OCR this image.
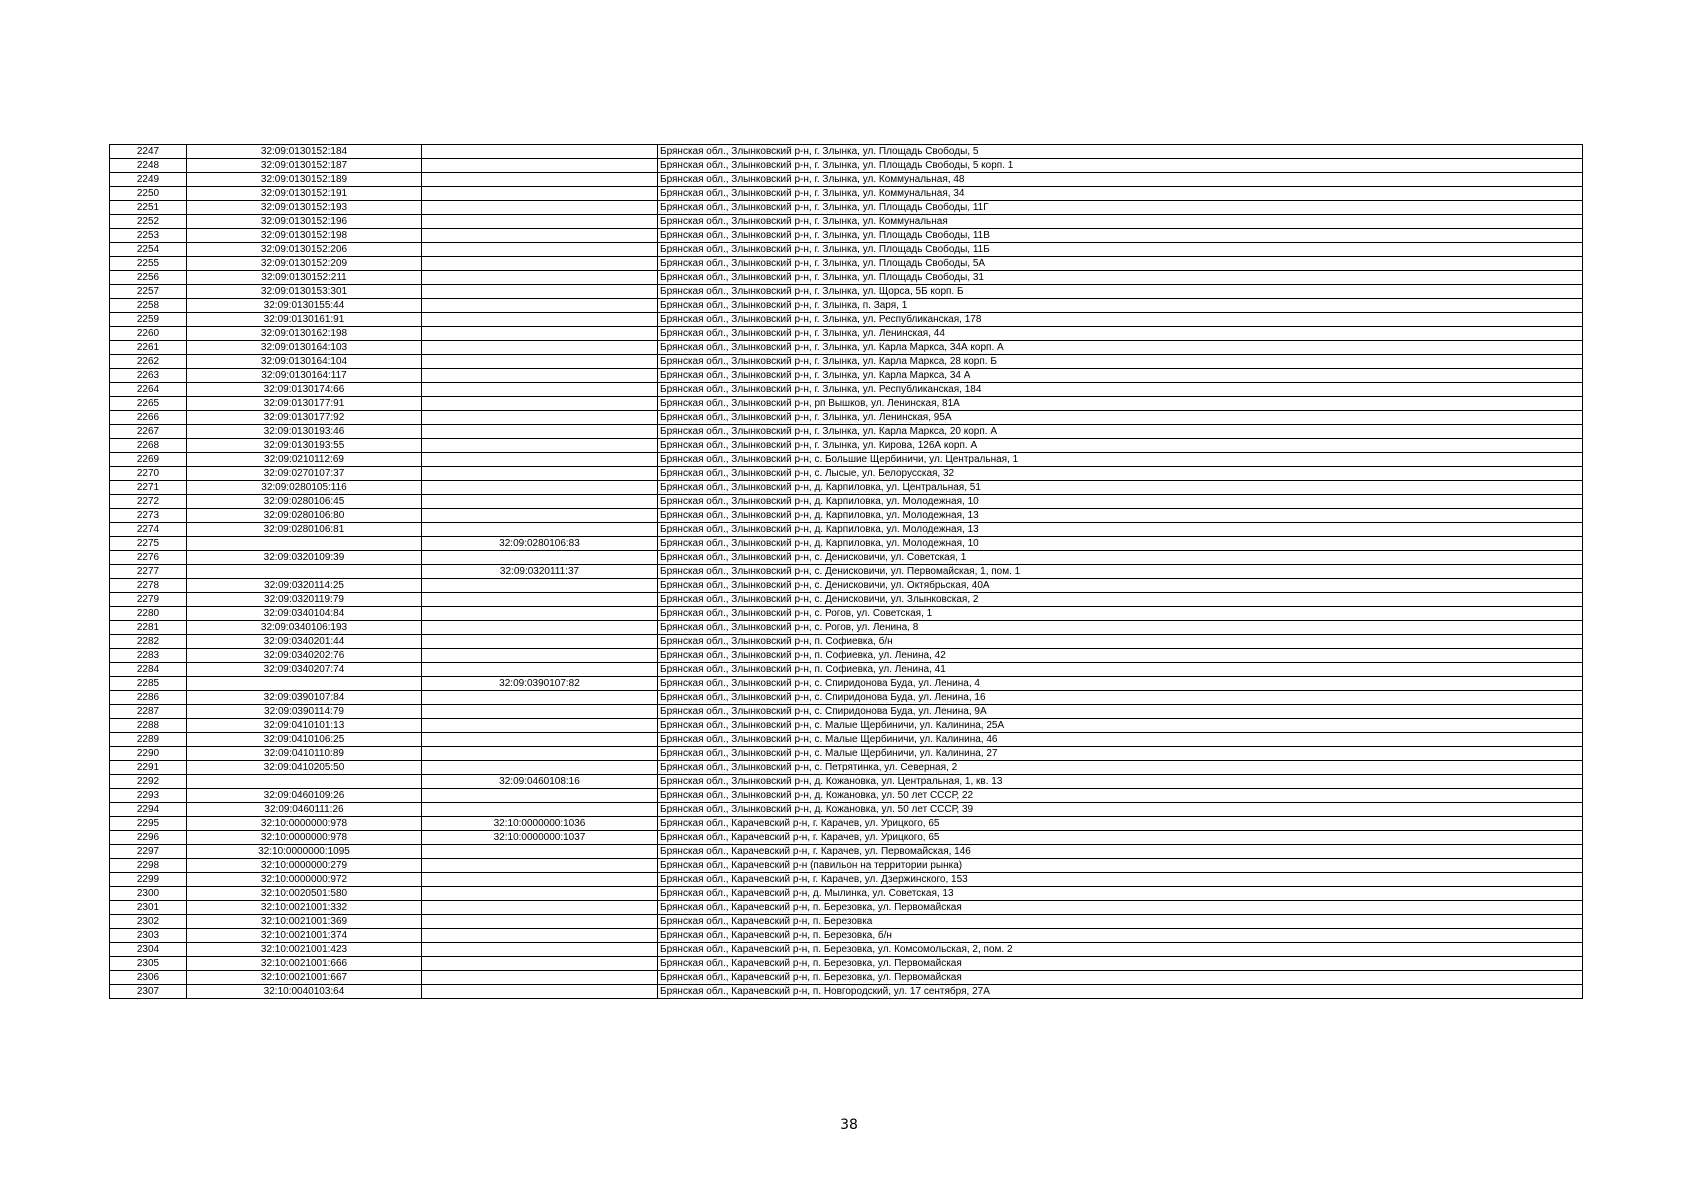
2247	32:09:0130152:184		Брянская обл., Злынковский р-н, г. Злынка, ул. Площадь Свободы, 5
2248	32:09:0130152:187		Брянская обл., Злынковский р-н, г. Злынка, ул. Площадь Свободы, 5 корп. 1
2249	32:09:0130152:189		Брянская обл., Злынковский р-н, г. Злынка, ул. Коммунальная, 48
2250	32:09:0130152:191		Брянская обл., Злынковский р-н, г. Злынка, ул. Коммунальная, 34
2251	32:09:0130152:193		Брянская обл., Злынковский р-н, г. Злынка, ул. Площадь Свободы, 11Г
2252	32:09:0130152:196		Брянская обл., Злынковский р-н, г. Злынка, ул. Коммунальная
2253	32:09:0130152:198		Брянская обл., Злынковский р-н, г. Злынка, ул. Площадь Свободы, 11В
2254	32:09:0130152:206		Брянская обл., Злынковский р-н, г. Злынка, ул. Площадь Свободы, 11Б
2255	32:09:0130152:209		Брянская обл., Злынковский р-н, г. Злынка, ул. Площадь Свободы, 5А
2256	32:09:0130152:211		Брянская обл., Злынковский р-н, г. Злынка, ул. Площадь Свободы, 31
2257	32:09:0130153:301		Брянская обл., Злынковский р-н, г. Злынка, ул. Щорса, 5Б корп. Б
2258	32:09:0130155:44		Брянская обл., Злынковский р-н, г. Злынка, п. Заря, 1
2259	32:09:0130161:91		Брянская обл., Злынковский р-н, г. Злынка, ул. Республиканская, 178
2260	32:09:0130162:198		Брянская обл., Злынковский р-н, г. Злынка, ул. Ленинская, 44
2261	32:09:0130164:103		Брянская обл., Злынковский р-н, г. Злынка, ул. Карла Маркса, 34А корп. А
2262	32:09:0130164:104		Брянская обл., Злынковский р-н, г. Злынка, ул. Карла Маркса, 28 корп. Б
2263	32:09:0130164:117		Брянская обл., Злынковский р-н, г. Злынка, ул. Карла Маркса, 34 А
2264	32:09:0130174:66		Брянская обл., Злынковский р-н, г. Злынка, ул. Республиканская, 184
2265	32:09:0130177:91		Брянская обл., Злынковский р-н, рп Вышков, ул. Ленинская, 81А
2266	32:09:0130177:92		Брянская обл., Злынковский р-н, г. Злынка, ул. Ленинская, 95А
2267	32:09:0130193:46		Брянская обл., Злынковский р-н, г. Злынка, ул. Карла Маркса, 20 корп. А
2268	32:09:0130193:55		Брянская обл., Злынковский р-н, г. Злынка, ул. Кирова, 126А корп. А
2269	32:09:0210112:69		Брянская обл., Злынковский р-н, с. Большие Щербиничи, ул. Центральная, 1
2270	32:09:0270107:37		Брянская обл., Злынковский р-н, с. Лысые, ул. Белорусская, 32
2271	32:09:0280105:116		Брянская обл., Злынковский р-н, д. Карпиловка, ул. Центральная, 51
2272	32:09:0280106:45		Брянская обл., Злынковский р-н, д. Карпиловка, ул. Молодежная, 10
2273	32:09:0280106:80		Брянская обл., Злынковский р-н, д. Карпиловка, ул. Молодежная, 13
2274	32:09:0280106:81		Брянская обл., Злынковский р-н, д. Карпиловка, ул. Молодежная, 13
2275		32:09:0280106:83	Брянская обл., Злынковский р-н, д. Карпиловка, ул. Молодежная, 10
2276	32:09:0320109:39		Брянская обл., Злынковский р-н, с. Денисковичи, ул. Советская, 1
2277		32:09:0320111:37	Брянская обл., Злынковский р-н, с. Денисковичи, ул. Первомайская, 1, пом. 1
2278	32:09:0320114:25		Брянская обл., Злынковский р-н, с. Денисковичи, ул. Октябрьская, 40А
2279	32:09:0320119:79		Брянская обл., Злынковский р-н, с. Денисковичи, ул. Злынковская, 2
2280	32:09:0340104:84		Брянская обл., Злынковский р-н, с. Рогов, ул. Советская, 1
2281	32:09:0340106:193		Брянская обл., Злынковский р-н, с. Рогов, ул. Ленина, 8
2282	32:09:0340201:44		Брянская обл., Злынковский р-н, п. Софиевка, б/н
2283	32:09:0340202:76		Брянская обл., Злынковский р-н, п. Софиевка, ул. Ленина, 42
2284	32:09:0340207:74		Брянская обл., Злынковский р-н, п. Софиевка, ул. Ленина, 41
2285		32:09:0390107:82	Брянская обл., Злынковский р-н, с. Спиридонова Буда, ул. Ленина, 4
2286	32:09:0390107:84		Брянская обл., Злынковский р-н, с. Спиридонова Буда, ул. Ленина, 16
2287	32:09:0390114:79		Брянская обл., Злынковский р-н, с. Спиридонова Буда, ул. Ленина, 9А
2288	32:09:0410101:13		Брянская обл., Злынковский р-н, с. Малые Щербиничи, ул. Калинина, 25А
2289	32:09:0410106:25		Брянская обл., Злынковский р-н, с. Малые Щербиничи, ул. Калинина, 46
2290	32:09:0410110:89		Брянская обл., Злынковский р-н, с. Малые Щербиничи, ул. Калинина, 27
2291	32:09:0410205:50		Брянская обл., Злынковский р-н, с. Петрятинка, ул. Северная, 2
2292		32:09:0460108:16	Брянская обл., Злынковский р-н, д. Кожановка, ул. Центральная, 1, кв. 13
2293	32:09:0460109:26		Брянская обл., Злынковский р-н, д. Кожановка, ул. 50 лет СССР, 22
2294	32:09:0460111:26		Брянская обл., Злынковский р-н, д. Кожановка, ул. 50 лет СССР, 39
2295	32:10:0000000:978	32:10:0000000:1036	Брянская обл., Карачевский р-н, г. Карачев, ул. Урицкого, 65
2296	32:10:0000000:978	32:10:0000000:1037	Брянская обл., Карачевский р-н, г. Карачев, ул. Урицкого, 65
2297	32:10:0000000:1095		Брянская обл., Карачевский р-н, г. Карачев, ул. Первомайская, 146
2298	32:10:0000000:279		Брянская обл., Карачевский р-н (павильон на территории рынка)
2299	32:10:0000000:972		Брянская обл., Карачевский р-н, г. Карачев, ул. Дзержинского, 153
2300	32:10:0020501:580		Брянская обл., Карачевский р-н, д. Мылинка, ул. Советская, 13
2301	32:10:0021001:332		Брянская обл., Карачевский р-н, п. Березовка, ул. Первомайская
2302	32:10:0021001:369		Брянская обл., Карачевский р-н, п. Березовка
2303	32:10:0021001:374		Брянская обл., Карачевский р-н, п. Березовка, б/н
2304	32:10:0021001:423		Брянская обл., Карачевский р-н, п. Березовка, ул. Комсомольская, 2, пом. 2
2305	32:10:0021001:666		Брянская обл., Карачевский р-н, п. Березовка, ул. Первомайская
2306	32:10:0021001:667		Брянская обл., Карачевский р-н, п. Березовка, ул. Первомайская
2307	32:10:0040103:64		Брянская обл., Карачевский р-н, п. Новгородский, ул. 17 сентября, 27А
38
